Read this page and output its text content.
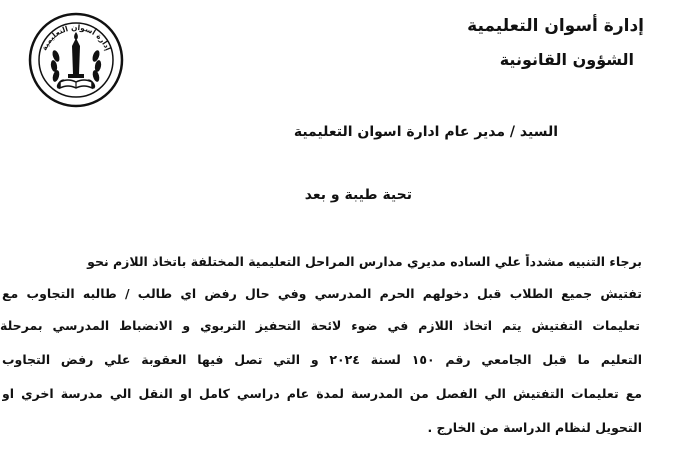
إدارة أسوان التعليمية
إدارة أسوان التعليمية
الشؤون القانونية
السيد / مدير عام ادارة اسوان التعليمية
تحية طيبة و بعد
برجاء التنبيه مشدداً علي الساده مديري مدارس المراحل التعليمية المختلفة باتخاذ اللازم نحو
تفتيش جميع الطلاب قبل دخولهم الحرم المدرسي وفي حال رفض اي طالب / طالبه التجاوب مع
تعليمات التفتيش يتم اتخاذ اللازم في ضوء لائحة التحفيز التربوي و الانضباط المدرسي بمرحلة
التعليم ما قبل الجامعي رقم ١٥٠ لسنة ٢٠٢٤ و التي تصل فيها العقوبة علي رفض التجاوب
مع تعليمات التفتيش الي الفصل من المدرسة لمدة عام دراسي كامل او النقل الي مدرسة اخري او
التحويل لنظام الدراسة من الخارج .
